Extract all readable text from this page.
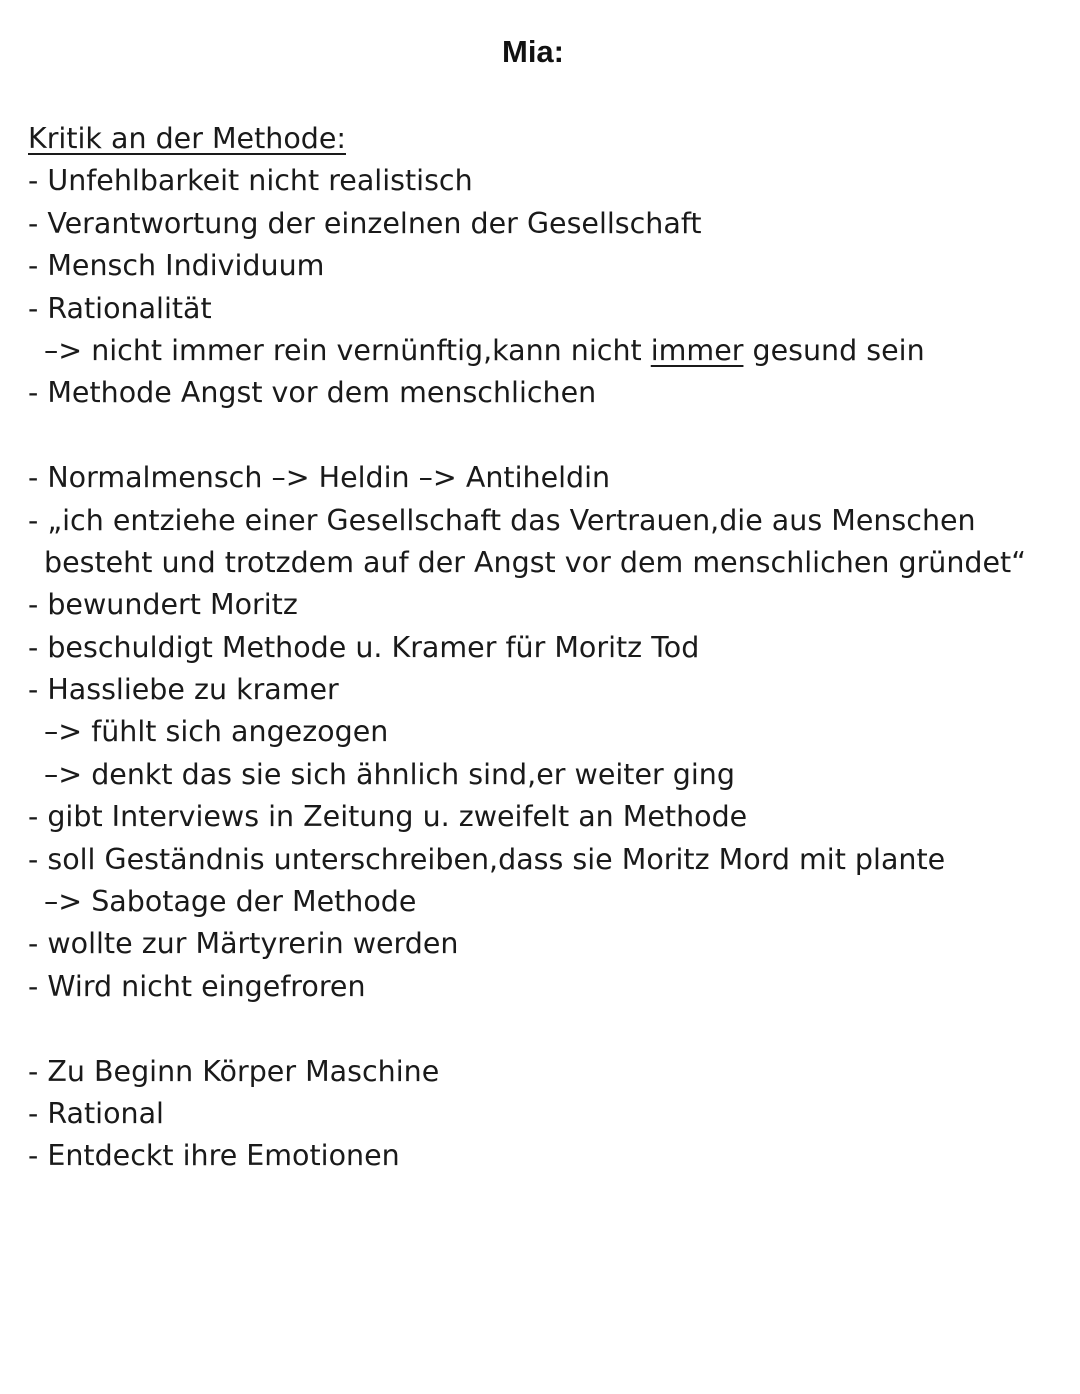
Mia:
Kritik an der Methode:
- Unfehlbarkeit nicht realistisch
- Verantwortung der einzelnen der Gesellschaft
- Mensch Individuum
- Rationalität
–> nicht immer rein vernünftig,kann nicht immer gesund sein
- Methode Angst vor dem menschlichen
- Normalmensch –> Heldin –> Antiheldin
- „ich entziehe einer Gesellschaft das Vertrauen,die aus Menschen
besteht und trotzdem auf der Angst vor dem menschlichen gründet“
- bewundert Moritz
- beschuldigt Methode u. Kramer für Moritz Tod
- Hassliebe zu kramer
–> fühlt sich angezogen
–> denkt das sie sich ähnlich sind,er weiter ging
- gibt Interviews in Zeitung u. zweifelt an Methode
- soll Geständnis unterschreiben,dass sie Moritz Mord mit plante
–> Sabotage der Methode
- wollte zur Märtyrerin werden
- Wird nicht eingefroren
- Zu Beginn Körper Maschine
- Rational
- Entdeckt ihre Emotionen
